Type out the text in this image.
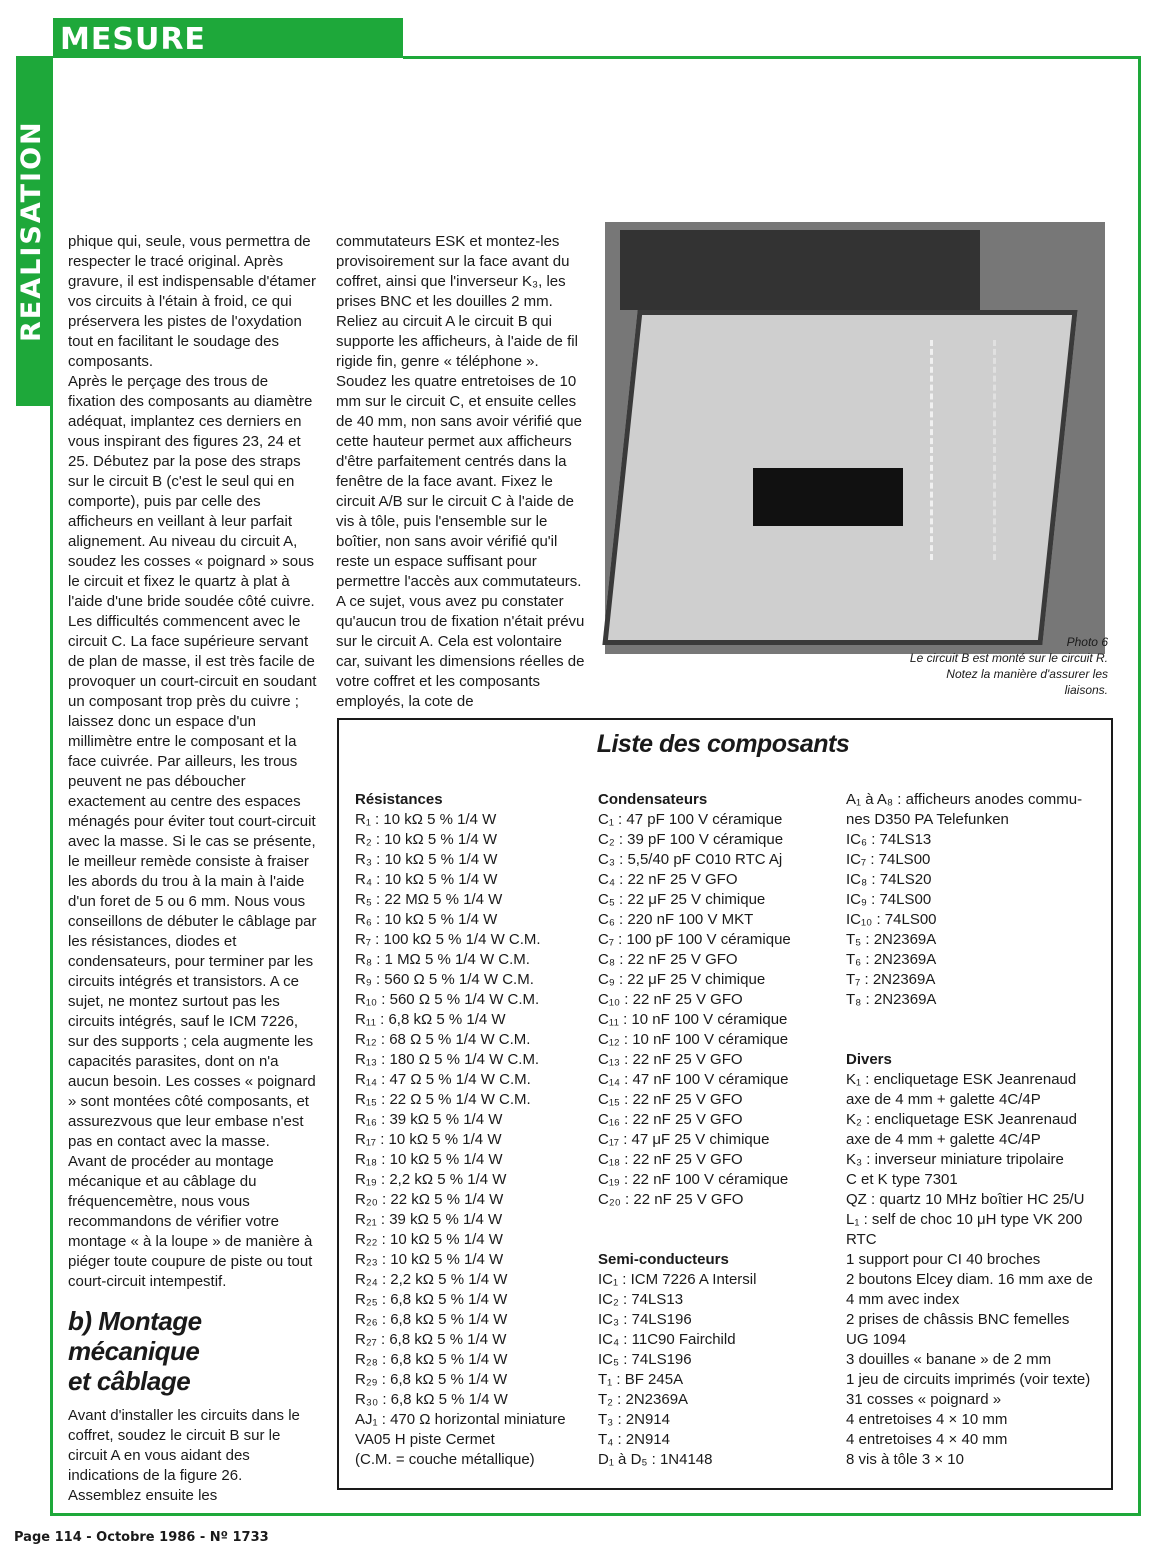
MESURE
REALISATION	phique qui, seule, vous permettra de respecter le tracé original. Après gravure, il est indispensable d'étamer vos circuits à l'étain à froid, ce qui préservera les pistes de l'oxydation tout en facilitant le soudage des composants.

Après le perçage des trous de fixation des composants au diamètre adéquat, implantez ces derniers en vous inspirant des figures 23, 24 et 25. Débutez par la pose des straps sur le circuit B (c'est le seul qui en comporte), puis par celle des afficheurs en veillant à leur parfait alignement. Au niveau du circuit A, soudez les cosses « poignard » sous le circuit et fixez le quartz à plat à l'aide d'une bride soudée côté cuivre. Les difficultés commencent avec le circuit C. La face supérieure servant de plan de masse, il est très facile de provoquer un court-circuit en soudant un composant trop près du cuivre ; laissez donc un espace d'un millimètre entre le composant et la face cuivrée. Par ailleurs, les trous peuvent ne pas déboucher exactement au centre des espaces ménagés pour éviter tout court-circuit avec la masse. Si le cas se présente, le meilleur remède consiste à fraiser les abords du trou à la main à l'aide d'un foret de 5 ou 6 mm. Nous vous conseillons de débuter le câblage par les résistances, diodes et condensateurs, pour terminer par les circuits intégrés et transistors. A ce sujet, ne montez surtout pas les circuits intégrés, sauf le ICM 7226, sur des supports ; cela augmente les capacités parasites, dont on n'a aucun besoin. Les cosses « poignard » sont montées côté composants, et assurezvous que leur embase n'est pas en contact avec la masse.

Avant de procéder au montage mécanique et au câblage du fréquencemètre, nous vous recommandons de vérifier votre montage « à la loupe » de manière à piéger toute coupure de piste ou tout court-circuit intempestif.

b) Montage
mécanique
et câblage

Avant d'installer les circuits dans le coffret, soudez le circuit B sur le circuit A en vous aidant des indications de la figure 26. Assemblez ensuite les

commutateurs ESK et montez-les provisoirement sur la face avant du coffret, ainsi que l'inverseur K₃, les prises BNC et les douilles 2 mm. Reliez au circuit A le circuit B qui supporte les afficheurs, à l'aide de fil rigide fin, genre « téléphone ». Soudez les quatre entretoises de 10 mm sur le circuit C, et ensuite celles de 40 mm, non sans avoir vérifié que cette hauteur permet aux afficheurs d'être parfaitement centrés dans la fenêtre de la face avant. Fixez le circuit A/B sur le circuit C à l'aide de vis à tôle, puis l'ensemble sur le boîtier, non sans avoir vérifié qu'il reste un espace suffisant pour permettre l'accès aux commutateurs. A ce sujet, vous avez pu constater qu'aucun trou de fixation n'était prévu sur le circuit A. Cela est volontaire car, suivant les dimensions réelles de votre coffret et les composants employés, la cote de

Photo 6
Le circuit B est monté sur le circuit R. Notez la manière d'assurer les liaisons.
Liste des composants
Résistances
R₁ : 10 kΩ 5 % 1/4 W
R₂ : 10 kΩ 5 % 1/4 W
R₃ : 10 kΩ 5 % 1/4 W
R₄ : 10 kΩ 5 % 1/4 W
R₅ : 22 MΩ 5 % 1/4 W
R₆ : 10 kΩ 5 % 1/4 W
R₇ : 100 kΩ 5 % 1/4 W C.M.
R₈ : 1 MΩ 5 % 1/4 W C.M.
R₉ : 560 Ω 5 % 1/4 W C.M.
R₁₀ : 560 Ω 5 % 1/4 W C.M.
R₁₁ : 6,8 kΩ 5 % 1/4 W
R₁₂ : 68 Ω 5 % 1/4 W C.M.
R₁₃ : 180 Ω 5 % 1/4 W C.M.
R₁₄ : 47 Ω 5 % 1/4 W C.M.
R₁₅ : 22 Ω 5 % 1/4 W C.M.
R₁₆ : 39 kΩ 5 % 1/4 W
R₁₇ : 10 kΩ 5 % 1/4 W
R₁₈ : 10 kΩ 5 % 1/4 W
R₁₉ : 2,2 kΩ 5 % 1/4 W
R₂₀ : 22 kΩ 5 % 1/4 W
R₂₁ : 39 kΩ 5 % 1/4 W
R₂₂ : 10 kΩ 5 % 1/4 W
R₂₃ : 10 kΩ 5 % 1/4 W
R₂₄ : 2,2 kΩ 5 % 1/4 W
R₂₅ : 6,8 kΩ 5 % 1/4 W
R₂₆ : 6,8 kΩ 5 % 1/4 W
R₂₇ : 6,8 kΩ 5 % 1/4 W
R₂₈ : 6,8 kΩ 5 % 1/4 W
R₂₉ : 6,8 kΩ 5 % 1/4 W
R₃₀ : 6,8 kΩ 5 % 1/4 W
AJ₁ : 470 Ω horizontal miniature
VA05 H piste Cermet
(C.M. = couche métallique)
Condensateurs
C₁ : 47 pF 100 V céramique
C₂ : 39 pF 100 V céramique
C₃ : 5,5/40 pF C010 RTC Aj
C₄ : 22 nF 25 V GFO
C₅ : 22 μF 25 V chimique
C₆ : 220 nF 100 V MKT
C₇ : 100 pF 100 V céramique
C₈ : 22 nF 25 V GFO
C₉ : 22 μF 25 V chimique
C₁₀ : 22 nF 25 V GFO
C₁₁ : 10 nF 100 V céramique
C₁₂ : 10 nF 100 V céramique
C₁₃ : 22 nF 25 V GFO
C₁₄ : 47 nF 100 V céramique
C₁₅ : 22 nF 25 V GFO
C₁₆ : 22 nF 25 V GFO
C₁₇ : 47 μF 25 V chimique
C₁₈ : 22 nF 25 V GFO
C₁₉ : 22 nF 100 V céramique
C₂₀ : 22 nF 25 V GFO
Semi-conducteurs
IC₁ : ICM 7226 A Intersil
IC₂ : 74LS13
IC₃ : 74LS196
IC₄ : 11C90 Fairchild
IC₅ : 74LS196
T₁ : BF 245A
T₂ : 2N2369A
T₃ : 2N914
T₄ : 2N914
D₁ à D₅ : 1N4148
A₁ à A₈ : afficheurs anodes commu-
nes D350 PA Telefunken
IC₆ : 74LS13
IC₇ : 74LS00
IC₈ : 74LS20
IC₉ : 74LS00
IC₁₀ : 74LS00
T₅ : 2N2369A
T₆ : 2N2369A
T₇ : 2N2369A
T₈ : 2N2369A
Divers
K₁ : encliquetage ESK Jeanrenaud
axe de 4 mm + galette 4C/4P
K₂ : encliquetage ESK Jeanrenaud
axe de 4 mm + galette 4C/4P
K₃ : inverseur miniature tripolaire
C et K type 7301
QZ : quartz 10 MHz boîtier HC 25/U
L₁ : self de choc 10 μH type VK 200
RTC
1 support pour CI 40 broches
2 boutons Elcey diam. 16 mm axe de
4 mm avec index
2 prises de châssis BNC femelles
UG 1094
3 douilles « banane » de 2 mm
1 jeu de circuits imprimés (voir texte)
31 cosses « poignard »
4 entretoises 4 × 10 mm
4 entretoises 4 × 40 mm
8 vis à tôle 3 × 10
Page 114 - Octobre 1986 - Nº 1733
